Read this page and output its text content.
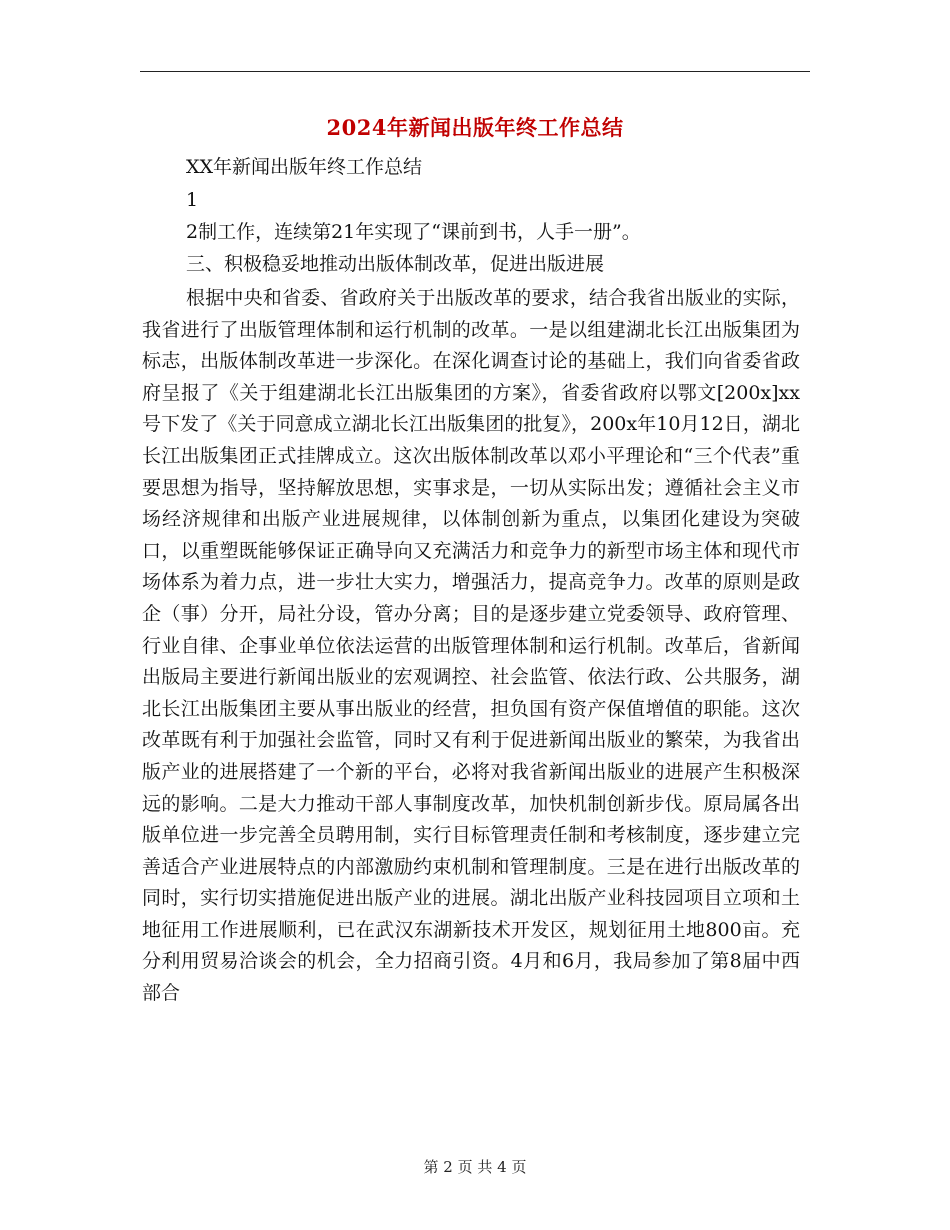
2024年新闻出版年终工作总结
XX年新闻出版年终工作总结
1
2制工作，连续第21年实现了“课前到书，人手一册”。
三、积极稳妥地推动出版体制改革，促进出版进展
根据中央和省委、省政府关于出版改革的要求，结合我省出版业的实际，我省进行了出版管理体制和运行机制的改革。一是以组建湖北长江出版集团为标志，出版体制改革进一步深化。在深化调查讨论的基础上，我们向省委省政府呈报了《关于组建湖北长江出版集团的方案》，省委省政府以鄂文[200x]xx号下发了《关于同意成立湖北长江出版集团的批复》，200x年10月12日，湖北长江出版集团正式挂牌成立。这次出版体制改革以邓小平理论和“三个代表”重要思想为指导，坚持解放思想，实事求是，一切从实际出发；遵循社会主义市场经济规律和出版产业进展规律，以体制创新为重点，以集团化建设为突破口，以重塑既能够保证正确导向又充满活力和竞争力的新型市场主体和现代市场体系为着力点，进一步壮大实力，增强活力，提高竞争力。改革的原则是政企（事）分开，局社分设，管办分离；目的是逐步建立党委领导、政府管理、行业自律、企事业单位依法运营的出版管理体制和运行机制。改革后，省新闻出版局主要进行新闻出版业的宏观调控、社会监管、依法行政、公共服务，湖北长江出版集团主要从事出版业的经营，担负国有资产保值增值的职能。这次改革既有利于加强社会监管，同时又有利于促进新闻出版业的繁荣，为我省出版产业的进展搭建了一个新的平台，必将对我省新闻出版业的进展产生积极深远的影响。二是大力推动干部人事制度改革，加快机制创新步伐。原局属各出版单位进一步完善全员聘用制，实行目标管理责任制和考核制度，逐步建立完善适合产业进展特点的内部激励约束机制和管理制度。三是在进行出版改革的同时，实行切实措施促进出版产业的进展。湖北出版产业科技园项目立项和土地征用工作进展顺利，已在武汉东湖新技术开发区，规划征用土地800亩。充分利用贸易洽谈会的机会，全力招商引资。4月和6月，我局参加了第8届中西部合
第 2 页 共 4 页
